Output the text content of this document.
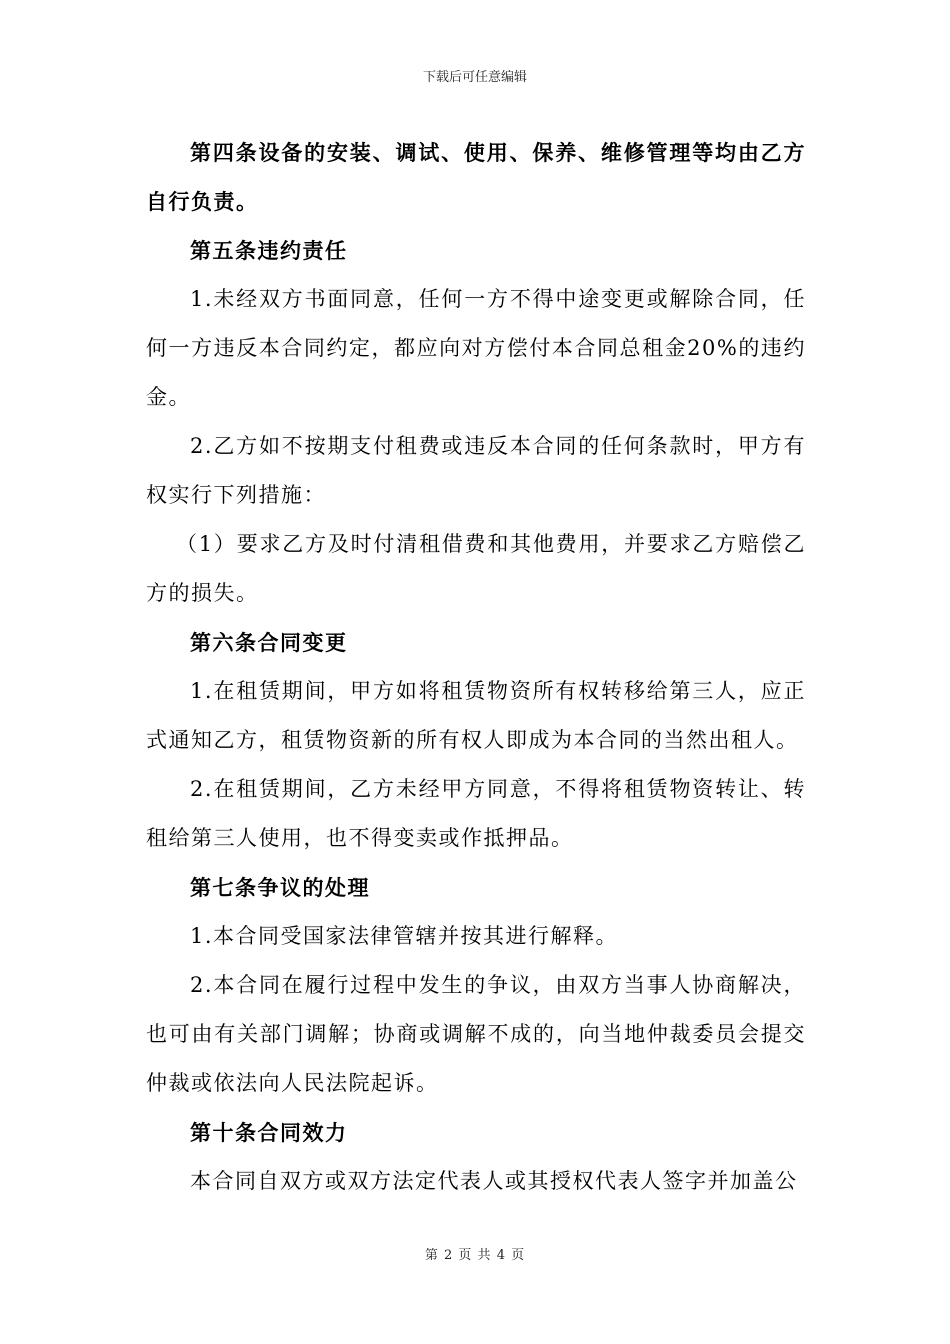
下载后可任意编辑

第四条设备的安装、调试、使用、保养、维修管理等均由乙方自行负责。

第五条违约责任

1.未经双方书面同意，任何一方不得中途变更或解除合同，任何一方违反本合同约定，都应向对方偿付本合同总租金20%的违约金。

2.乙方如不按期支付租费或违反本合同的任何条款时，甲方有权实行下列措施：

（1）要求乙方及时付清租借费和其他费用，并要求乙方赔偿乙方的损失。

第六条合同变更

1.在租赁期间，甲方如将租赁物资所有权转移给第三人，应正式通知乙方，租赁物资新的所有权人即成为本合同的当然出租人。

2.在租赁期间，乙方未经甲方同意，不得将租赁物资转让、转租给第三人使用，也不得变卖或作抵押品。

第七条争议的处理

1.本合同受国家法律管辖并按其进行解释。

2.本合同在履行过程中发生的争议，由双方当事人协商解决，也可由有关部门调解；协商或调解不成的，向当地仲裁委员会提交仲裁或依法向人民法院起诉。

第十条合同效力

本合同自双方或双方法定代表人或其授权代表人签字并加盖公

第 2 页 共 4 页
